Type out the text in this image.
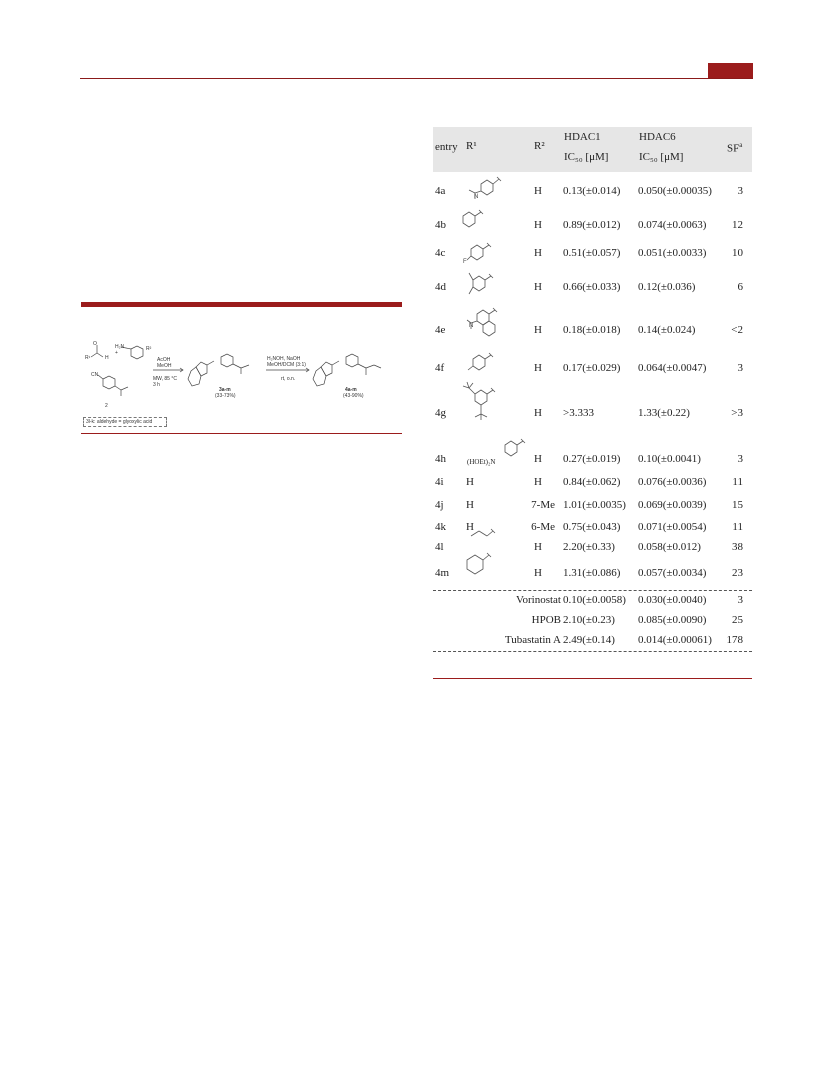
R¹	H
O
+
H₂N	R²
CN
2
AcOH
MeOH
MW, 85 °C
3 h
3a-m
(33-73%)
H₂NOH, NaOH
MeOH/DCM (3:1)
rt, o.n.
4a-m
(43-90%)
3l-k: aldehyde = glyoxylic acid
entry R¹	R²
HDAC1
IC₅₀ [μM]
HDAC6
IC₅₀ [μM]
$SF^a$
4a	H 0.13(±0.014) 0.050(±0.00035) 3
4b	H 0.89(±0.012) 0.074(±0.0063) 12
4c	H 0.51(±0.057) 0.051(±0.0033) 10
4d	H 0.66(±0.033) 0.12(±0.036)	6
4e	H 0.18(±0.018) 0.14(±0.024)	<2
4f	H 0.17(±0.029) 0.064(±0.0047)	3
4g	H >3.333	1.33(±0.22)	>3
4h	(HOEt)₂N	H 0.27(±0.019) 0.10(±0.0041)	3
4i H	H 0.84(±0.062) 0.076(±0.0036) 11
4j H	7-Me 1.01(±0.0035) 0.069(±0.0039) 15
4k H	6-Me 0.75(±0.043) 0.071(±0.0054) 11
4l	H 2.20(±0.33) 0.058(±0.012)	38
4m	H 1.31(±0.086) 0.057(±0.0034) 23
Vorinostat 0.10(±0.0058) 0.030(±0.0040)	3
HPOB 2.10(±0.23) 0.085(±0.0090) 25
Tubastatin A 2.49(±0.14) 0.014(±0.00061) 178
N
F
N
